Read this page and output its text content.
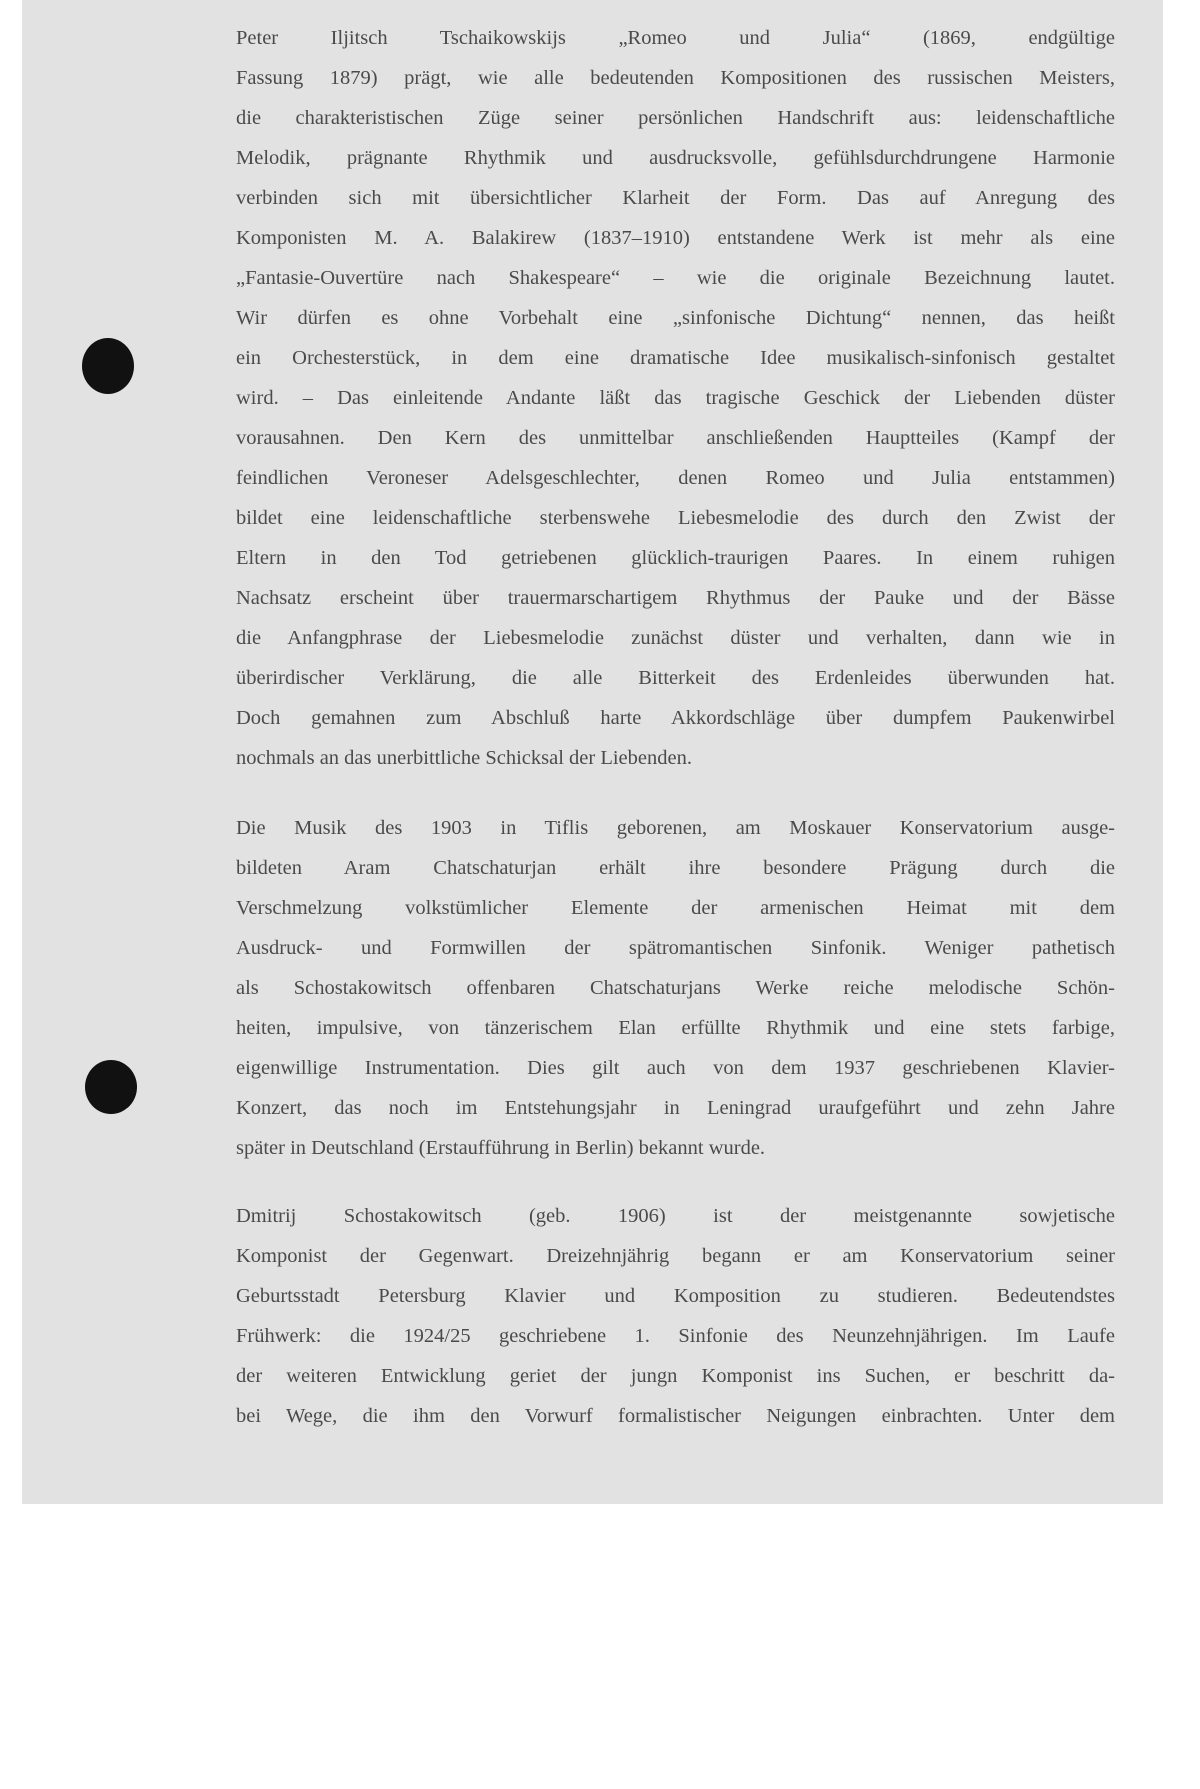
Peter Iljitsch Tschaikowskijs „Romeo und Julia“ (1869, endgültige
Fassung 1879) prägt, wie alle bedeutenden Kompositionen des russischen Meisters,
die charakteristischen Züge seiner persönlichen Handschrift aus: leidenschaftliche
Melodik, prägnante Rhythmik und ausdrucksvolle, gefühlsdurchdrungene Harmonie
verbinden sich mit übersichtlicher Klarheit der Form. Das auf Anregung des
Komponisten M. A. Balakirew (1837–1910) entstandene Werk ist mehr als eine
„Fantasie-Ouvertüre nach Shakespeare“ – wie die originale Bezeichnung lautet.
Wir dürfen es ohne Vorbehalt eine „sinfonische Dichtung“ nennen, das heißt
ein Orchesterstück, in dem eine dramatische Idee musikalisch-sinfonisch gestaltet
wird. – Das einleitende Andante läßt das tragische Geschick der Liebenden düster
vorausahnen. Den Kern des unmittelbar anschließenden Hauptteiles (Kampf der
feindlichen Veroneser Adelsgeschlechter, denen Romeo und Julia entstammen)
bildet eine leidenschaftliche sterbenswehe Liebesmelodie des durch den Zwist der
Eltern in den Tod getriebenen glücklich-traurigen Paares. In einem ruhigen
Nachsatz erscheint über trauermarschartigem Rhythmus der Pauke und der Bässe
die Anfangphrase der Liebesmelodie zunächst düster und verhalten, dann wie in
überirdischer Verklärung, die alle Bitterkeit des Erdenleides überwunden hat.
Doch gemahnen zum Abschluß harte Akkordschläge über dumpfem Paukenwirbel
nochmals an das unerbittliche Schicksal der Liebenden.
Die Musik des 1903 in Tiflis geborenen, am Moskauer Konservatorium ausge-
bildeten Aram Chatschaturjan erhält ihre besondere Prägung durch die
Verschmelzung volkstümlicher Elemente der armenischen Heimat mit dem
Ausdruck- und Formwillen der spätromantischen Sinfonik. Weniger pathetisch
als Schostakowitsch offenbaren Chatschaturjans Werke reiche melodische Schön-
heiten, impulsive, von tänzerischem Elan erfüllte Rhythmik und eine stets farbige,
eigenwillige Instrumentation. Dies gilt auch von dem 1937 geschriebenen Klavier-
Konzert, das noch im Entstehungsjahr in Leningrad uraufgeführt und zehn Jahre
später in Deutschland (Erstaufführung in Berlin) bekannt wurde.
Dmitrij Schostakowitsch (geb. 1906) ist der meistgenannte sowjetische
Komponist der Gegenwart. Dreizehnjährig begann er am Konservatorium seiner
Geburtsstadt Petersburg Klavier und Komposition zu studieren. Bedeutendstes
Frühwerk: die 1924/25 geschriebene 1. Sinfonie des Neunzehnjährigen. Im Laufe
der weiteren Entwicklung geriet der jungn Komponist ins Suchen, er beschritt da-
bei Wege, die ihm den Vorwurf formalistischer Neigungen einbrachten. Unter dem
